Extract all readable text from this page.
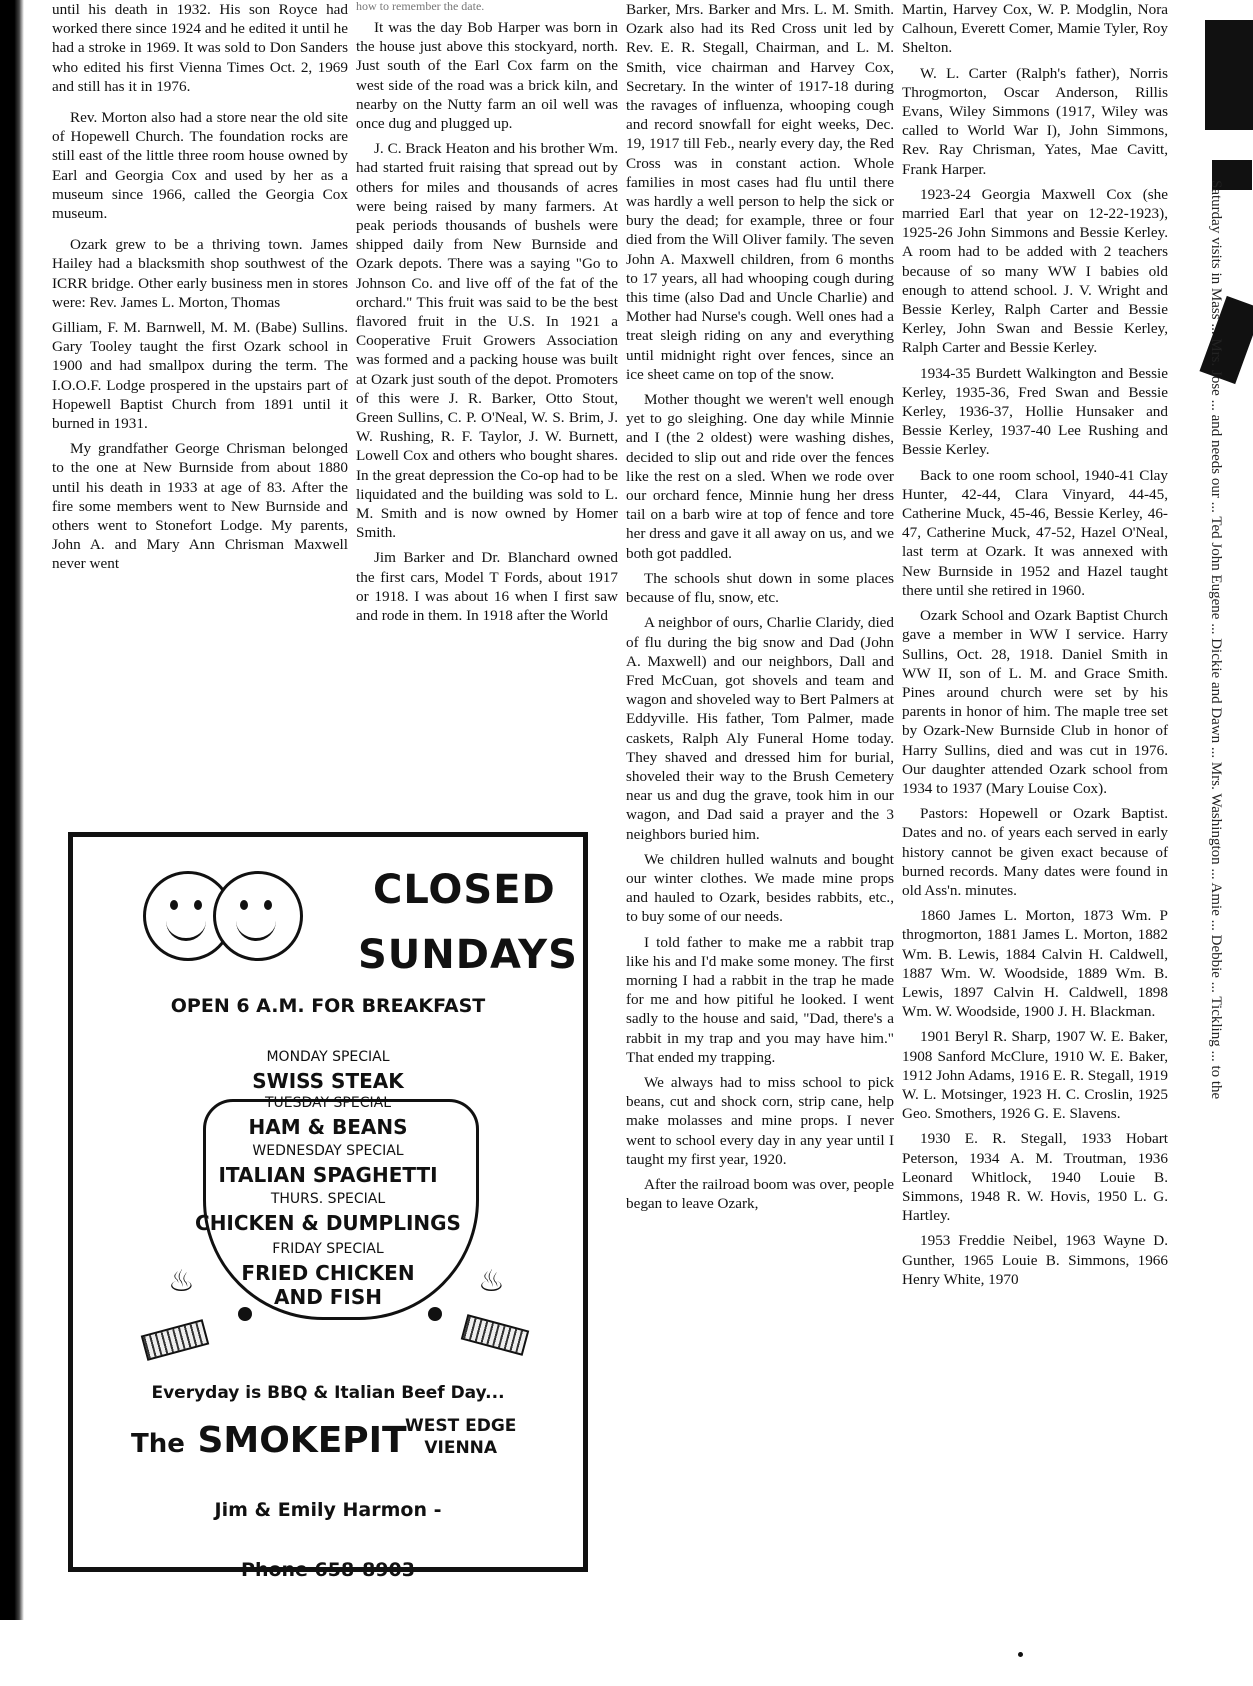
until his death in 1932. His son Royce had worked there since 1924 and he edited it until he had a stroke in 1969. It was sold to Don Sanders who edited his first Vienna Times Oct. 2, 1969 and still has it in 1976.

Rev. Morton also had a store near the old site of Hopewell Church. The foundation rocks are still east of the little three room house owned by Earl and Georgia Cox and used by her as a museum since 1966, called the Georgia Cox museum.

Ozark grew to be a thriving town. James Hailey had a blacksmith shop southwest of the ICRR bridge. Other early business men in stores were: Rev. James L. Morton, Thomas

Gilliam, F. M. Barnwell, M. M. (Babe) Sullins. Gary Tooley taught the first Ozark school in 1900 and had smallpox during the term. The I.O.O.F. Lodge prospered in the upstairs part of Hopewell Baptist Church from 1891 until it burned in 1931.

My grandfather George Chrisman belonged to the one at New Burnside from about 1880 until his death in 1933 at age of 83. After the fire some members went to New Burnside and others went to Stonefort Lodge. My parents, John A. and Mary Ann Chrisman Maxwell never went

how to remember the date.

It was the day Bob Harper was born in the house just above this stockyard, north. Just south of the Earl Cox farm on the west side of the road was a brick kiln, and nearby on the Nutty farm an oil well was once dug and plugged up.

J. C. Brack Heaton and his brother Wm. had started fruit raising that spread out by others for miles and thousands of acres were being raised by many farmers. At peak periods thousands of bushels were shipped daily from New Burnside and Ozark depots. There was a saying "Go to Johnson Co. and live off of the fat of the orchard." This fruit was said to be the best flavored fruit in the U.S. In 1921 a Cooperative Fruit Growers Association was formed and a packing house was built at Ozark just south of the depot. Promoters of this were J. R. Barker, Otto Stout, Green Sullins, C. P. O'Neal, W. S. Brim, J. W. Rushing, R. F. Taylor, J. W. Burnett, Lowell Cox and others who bought shares. In the great depression the Co-op had to be liquidated and the building was sold to L. M. Smith and is now owned by Homer Smith.

Jim Barker and Dr. Blanchard owned the first cars, Model T Fords, about 1917 or 1918. I was about 16 when I first saw and rode in them. In 1918 after the World

Barker, Mrs. Barker and Mrs. L. M. Smith. Ozark also had its Red Cross unit led by Rev. E. R. Stegall, Chairman, and L. M. Smith, vice chairman and Harvey Cox, Secretary. In the winter of 1917-18 during the ravages of influenza, whooping cough and record snowfall for eight weeks, Dec. 19, 1917 till Feb., nearly every day, the Red Cross was in constant action. Whole families in most cases had flu until there was hardly a well person to help the sick or bury the dead; for example, three or four died from the Will Oliver family. The seven John A. Maxwell children, from 6 months to 17 years, all had whooping cough during this time (also Dad and Uncle Charlie) and Mother had Nurse's cough. Well ones had a treat sleigh riding on any and everything until midnight right over fences, since an ice sheet came on top of the snow.

Mother thought we weren't well enough yet to go sleighing. One day while Minnie and I (the 2 oldest) were washing dishes, decided to slip out and ride over the fences like the rest on a sled. When we rode over our orchard fence, Minnie hung her dress tail on a barb wire at top of fence and tore her dress and gave it all away on us, and we both got paddled.

The schools shut down in some places because of flu, snow, etc.

A neighbor of ours, Charlie Claridy, died of flu during the big snow and Dad (John A. Maxwell) and our neighbors, Dall and Fred McCuan, got shovels and team and wagon and shoveled way to Bert Palmers at Eddyville. His father, Tom Palmer, made caskets, Ralph Aly Funeral Home today. They shaved and dressed him for burial, shoveled their way to the Brush Cemetery near us and dug the grave, took him in our wagon, and Dad said a prayer and the 3 neighbors buried him.

We children hulled walnuts and bought our winter clothes. We made mine props and hauled to Ozark, besides rabbits, etc., to buy some of our needs.

I told father to make me a rabbit trap like his and I'd make some money. The first morning I had a rabbit in the trap he made for me and how pitiful he looked. I went sadly to the house and said, "Dad, there's a rabbit in my trap and you may have him." That ended my trapping.

We always had to miss school to pick beans, cut and shock corn, strip cane, help make molasses and mine props. I never went to school every day in any year until I taught my first year, 1920.

After the railroad boom was over, people began to leave Ozark,

Martin, Harvey Cox, W. P. Modglin, Nora Calhoun, Everett Comer, Mamie Tyler, Roy Shelton.

W. L. Carter (Ralph's father), Norris Throgmorton, Oscar Anderson, Rillis Evans, Wiley Simmons (1917, Wiley was called to World War I), John Simmons, Rev. Ray Chrisman, Yates, Mae Cavitt, Frank Harper.

1923-24 Georgia Maxwell Cox (she married Earl that year on 12-22-1923), 1925-26 John Simmons and Bessie Kerley. A room had to be added with 2 teachers because of so many WW I babies old enough to attend school. J. V. Wright and Bessie Kerley, Ralph Carter and Bessie Kerley, John Swan and Bessie Kerley, Ralph Carter and Bessie Kerley.

1934-35 Burdett Walkington and Bessie Kerley, 1935-36, Fred Swan and Bessie Kerley, 1936-37, Hollie Hunsaker and Bessie Kerley, 1937-40 Lee Rushing and Bessie Kerley.

Back to one room school, 1940-41 Clay Hunter, 42-44, Clara Vinyard, 44-45, Catherine Muck, 45-46, Bessie Kerley, 46-47, Catherine Muck, 47-52, Hazel O'Neal, last term at Ozark. It was annexed with New Burnside in 1952 and Hazel taught there until she retired in 1960.

Ozark School and Ozark Baptist Church gave a member in WW I service. Harry Sullins, Oct. 28, 1918. Daniel Smith in WW II, son of L. M. and Grace Smith. Pines around church were set by his parents in honor of him. The maple tree set by Ozark-New Burnside Club in honor of Harry Sullins, died and was cut in 1976. Our daughter attended Ozark school from 1934 to 1937 (Mary Louise Cox).

Pastors: Hopewell or Ozark Baptist. Dates and no. of years each served in early history cannot be given exact because of burned records. Many dates were found in old Ass'n. minutes.

1860 James L. Morton, 1873 Wm. P throgmorton, 1881 James L. Morton, 1882 Wm. B. Lewis, 1884 Calvin H. Caldwell, 1887 Wm. W. Woodside, 1889 Wm. B. Lewis, 1897 Calvin H. Caldwell, 1898 Wm. W. Woodside, 1900 J. H. Blackman.

1901 Beryl R. Sharp, 1907 W. E. Baker, 1908 Sanford McClure, 1910 W. E. Baker, 1912 John Adams, 1916 E. R. Stegall, 1919 W. L. Motsinger, 1923 H. C. Croslin, 1925 Geo. Smothers, 1926 G. E. Slavens.

1930 E. R. Stegall, 1933 Hobart Peterson, 1934 A. M. Troutman, 1936 Leonard Whitlock, 1940 Louie B. Simmons, 1948 R. W. Hovis, 1950 L. G. Hartley.

1953 Freddie Neibel, 1963 Wayne D. Gunther, 1965 Louie B. Simmons, 1966 Henry White, 1970

CLOSED
SUNDAYS
OPEN 6 A.M. FOR BREAKFAST
♨	♨
MONDAY SPECIAL
SWISS STEAK
TUESDAY SPECIAL
HAM & BEANS
WEDNESDAY SPECIAL
ITALIAN SPAGHETTI
THURS. SPECIAL
CHICKEN & DUMPLINGS
FRIDAY SPECIAL
FRIED CHICKEN
AND FISH
Everyday is BBQ & Italian Beef Day...
The SMOKEPIT
WEST EDGE
VIENNA
Jim & Emily Harmon -
Phone 658-8903
Saturday visits in Mass ... Mrs. Jose ... and needs our ... Ted John Eugene ... Dickie and Dawn ... Mrs. Washington ... Amie ... Debbie ... Tickling ... to the
